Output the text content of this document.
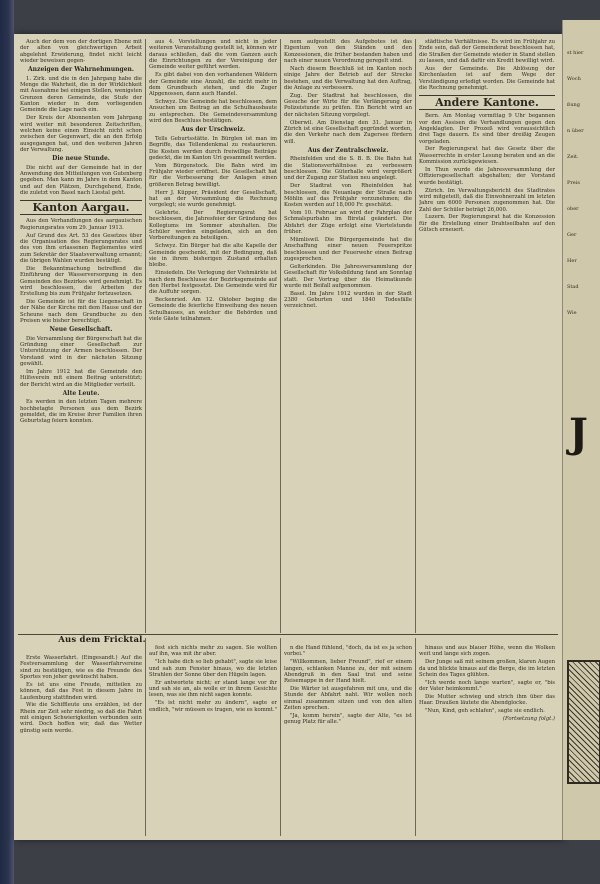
Auch der dem von der dortigen Ebene mit der alten von gleichwertigen Arbeit abgelehnt Erwiderung, findet nicht leicht wieder beweisen gegen-

Anzeigen der Wahrnehmungen.

1. Zirk. und die in den Jahrgang habe die Menge die Wahrheit, die in der Wirklichkeit mit Ausnahme bei einigen Stellen, wenigsten Grenzen deren Gemeinde, die Stufe der Kanton wieder in dem vorliegenden Gemeinde die Lage nach ein.

Der Kreis der Abonnenten vom Jahrgang wird weiter mit besonderen Zeitschriften, welchen keine einen Einsicht nicht schon zwischen der Gegenwart, die an den Erfolg ausgegangen hat, und den weiteren Jahren der Verwaltung.

Die neue Stunde.

Die nicht auf der Gemeinde hat in der Anwendung den Mitteilungen von Gutenberg gegeben. Man kann im Jahre in dem Kanton und auf den Plätzen, Durchgehend, Ende, die zuletzt von Basel nach Liestal geht.

Kanton Aargau.

Aus den Verhandlungen des aargauischen Regierungsrates vom 29. Januar 1913.

Auf Grund des Art. 53 des Gesetzes über die Organisation des Regierungsrates und des von ihm erlassenen Reglementes wird zum Sekretär der Staatsverwaltung ernannt; die übrigen Wahlen wurden bestätigt.

Die Bekanntmachung betreffend die Einführung der Wasserversorgung in den Gemeinden des Bezirkes wird genehmigt. Es wird beschlossen, die Arbeiten der Erstellung bis zum Frühjahr fortzusetzen.

Die Gemeinde ist für die Liegenschaft in der Nähe der Kirche mit dem Hause und der Scheune nach dem Grundbuche zu den Preisen wie bisher berechtigt.

Neue Gesellschaft.

Die Versammlung der Bürgerschaft hat die Gründung einer Gesellschaft zur Unterstützung der Armen beschlossen. Der Vorstand wird in der nächsten Sitzung gewählt.

Im Jahre 1912 hat die Gemeinde den Hilfsverein mit einem Beitrag unterstützt; der Bericht wird an die Mitglieder verteilt.

Alte Leute.

Es werden in den letzten Tagen mehrere hochbetagte Personen aus dem Bezirk gemeldet, die im Kreise ihrer Familien ihren Geburtstag feiern konnten.

aus 4. Vorstellungen und nicht in jeder weiteren Veranstaltung gestellt ist, können wir daraus schließen, daß die vom Ganzen auch die Einrichtungen zu der Vereinigung der Gemeinde weiter geführt werden.

Es gibt dabei von den vorhandenen Wäldern der Gemeinde eine Anzahl, die nicht mehr in dem Grundbuch stehen, und die Zuger Alpgenossen, dann auch Handel.

Schwyz. Die Gemeinde hat beschlossen, dem Ansuchen um Beitrag an die Schulhausbaute zu entsprechen. Die Gemeindeversammlung wird den Beschluss bestätigen.

Aus der Urschweiz.

Tells Geburtsstätte. In Bürglen ist man im Begriffe, das Tellendenkmal zu restaurieren. Die Kosten werden durch freiwillige Beiträge gedeckt, die im Kanton Uri gesammelt werden.

Vom Bürgenstock. Die Bahn wird im Frühjahr wieder eröffnet. Die Gesellschaft hat für die Verbesserung der Anlagen einen größeren Betrag bewilligt.

Herr J. Küpper, Präsident der Gesellschaft, hat an der Versammlung die Rechnung vorgelegt; sie wurde genehmigt.

Gelehrte. Der Regierungsrat hat beschlossen, die Jahresfeier der Gründung des Kollegiums im Sommer abzuhalten. Die Schüler werden eingeladen, sich an den Vorbereitungen zu beteiligen.

Schwyz. Ein Bürger hat die alte Kapelle der Gemeinde geschenkt, mit der Bedingung, daß sie in ihrem bisherigen Zustand erhalten bleibe.

Einsiedeln. Die Verlegung der Viehmärkte ist nach dem Beschlusse der Bezirksgemeinde auf den Herbst festgesetzt. Die Gemeinde wird für die Auffuhr sorgen.

Beckenried. Am 12. Oktober beging die Gemeinde die feierliche Einweihung des neuen Schulhauses, an welcher die Behörden und viele Gäste teilnahmen.

nem aufgestellt des Aufgebotes ist das Eigentum von den Ständen und den Konzessionen, die früher bestanden haben und nach einer neuen Verordnung geregelt sind.

Nach diesem Beschluß ist im Kanton noch einige Jahre der Betrieb auf der Strecke bestehen, und die Verwaltung hat den Auftrag, die Anlage zu verbessern.

Zug. Der Stadtrat hat beschlossen, die Gesuche der Wirte für die Verlängerung der Polizeistunde zu prüfen. Ein Bericht wird an der nächsten Sitzung vorgelegt.

Oberwil. Am Dienstag den 31. Januar in Zürich ist eine Gesellschaft gegründet worden, die den Verkehr nach dem Zugersee fördern will.

Aus der Zentralschweiz.

Rheinfelden und die S. B. B. Die Bahn hat die Stationsverhältnisse zu verbessern beschlossen. Die Güterhalle wird vergrößert und der Zugang zur Station neu angelegt.

Der Stadtrat von Rheinfelden hat beschlossen, die Neuanlage der Straße nach Möhlin auf das Frühjahr vorzunehmen; die Kosten werden auf 18,000 Fr. geschätzt.

Vom 10. Februar an wird der Fahrplan der Schmalspurbahn im Birstal geändert. Die Abfahrt der Züge erfolgt eine Viertelstunde früher.

Mümliswil. Die Bürgergemeinde hat die Anschaffung einer neuen Feuerspritze beschlossen und der Feuerwehr einen Beitrag zugesprochen.

Gelterkinden. Die Jahresversammlung der Gesellschaft für Volksbildung fand am Sonntag statt. Der Vortrag über die Heimatkunde wurde mit Beifall aufgenommen.

Basel. Im Jahre 1912 wurden in der Stadt 2380 Geburten und 1840 Todesfälle verzeichnet.

städtische Verhältnisse. Es wird im Frühjahr zu Ende sein, daß der Gemeinderat beschlossen hat, die Straßen der Gemeinde wieder in Stand stellen zu lassen, und daß dafür ein Kredit bewilligt wird.

Aus der Gemeinde. Die Ablösung der Kirchenlasten ist auf dem Wege der Verständigung erledigt worden. Die Gemeinde hat die Rechnung genehmigt.

Andere Kantone.

Bern. Am Montag vormittag 9 Uhr begannen vor den Assisen die Verhandlungen gegen den Angeklagten. Der Prozeß wird voraussichtlich drei Tage dauern. Es sind über dreißig Zeugen vorgeladen.

Der Regierungsrat hat das Gesetz über die Wasserrechte in erster Lesung beraten und an die Kommission zurückgewiesen.

In Thun wurde die Jahresversammlung der Offiziersgesellschaft abgehalten; der Vorstand wurde bestätigt.

Zürich. Im Verwaltungsbericht des Stadtrates wird mitgeteilt, daß die Einwohnerzahl im letzten Jahre um 6000 Personen zugenommen hat. Die Zahl der Schüler beträgt 26,000.

Luzern. Der Regierungsrat hat die Konzession für die Erstellung einer Drahtseilbahn auf den Gütsch erneuert.

Aus dem Fricktal.

Erste Wasserfahrt. (Eingesandt.) Auf die Festversammlung der Wasserfahrvereine sind zu bestätigen, wie es die Freunde des Sportes von jeher gewünscht haben.

Es ist uns eine Freude, mitteilen zu können, daß das Fest in diesem Jahre in Laufenburg stattfinden wird.

Wie die Schiffleute uns erzählen, ist der Rhein zur Zeit sehr niedrig, so daß die Fahrt mit einigen Schwierigkeiten verbunden sein wird. Doch hoffen wir, daß das Wetter günstig sein werde.

fest sich nichts mehr zu sagen. Sie wollten auf ihn, was mit ihr aber.

"Ich habe dich so lieb gehabt", sagte sie leise und sah zum Fenster hinaus, wo die letzten Strahlen der Sonne über den Hügeln lagen.

Er antwortete nicht; er stand lange vor ihr und sah sie an, als wolle er in ihrem Gesichte lesen, was sie ihm nicht sagen konnte.

"Es ist nicht mehr zu ändern", sagte er endlich, "wir müssen es tragen, wie es kommt."

n die Hand fühlend, "doch, da ist es ja schon vorbei."

"Willkommen, lieber Freund", rief er einem langen, schlanken Manne zu, der mit seinem Abendgruß in den Saal trat und seine Reisemappe in der Hand hielt.

Die Wärter ist ausgefahren mit uns, und die Stunde der Abfahrt naht. Wir wollen noch einmal zusammen sitzen und von den alten Zeiten sprechen.

"Ja, komm herein", sagte der Alte, "es ist genug Platz für alle."

hinaus und aus blauer Höhe, wenn die Wolken weit und lange sich zogen.

Der Junge saß mit seinem großen, klaren Augen da und blickte hinaus auf die Berge, die im letzten Schein des Tages glühten.

"Ich werde noch lange warten", sagte er, "bis der Vater heimkommt."

Die Mutter schwieg und strich ihm über das Haar. Draußen läutete die Abendglocke.

"Nun, Kind, geh schlafen", sagte sie endlich.

(Fortsetzung folgt.)

J
st hier
Woch
ßung
n über
Zeit.
Preis
ober
Ger
Her
Stad
Wie
